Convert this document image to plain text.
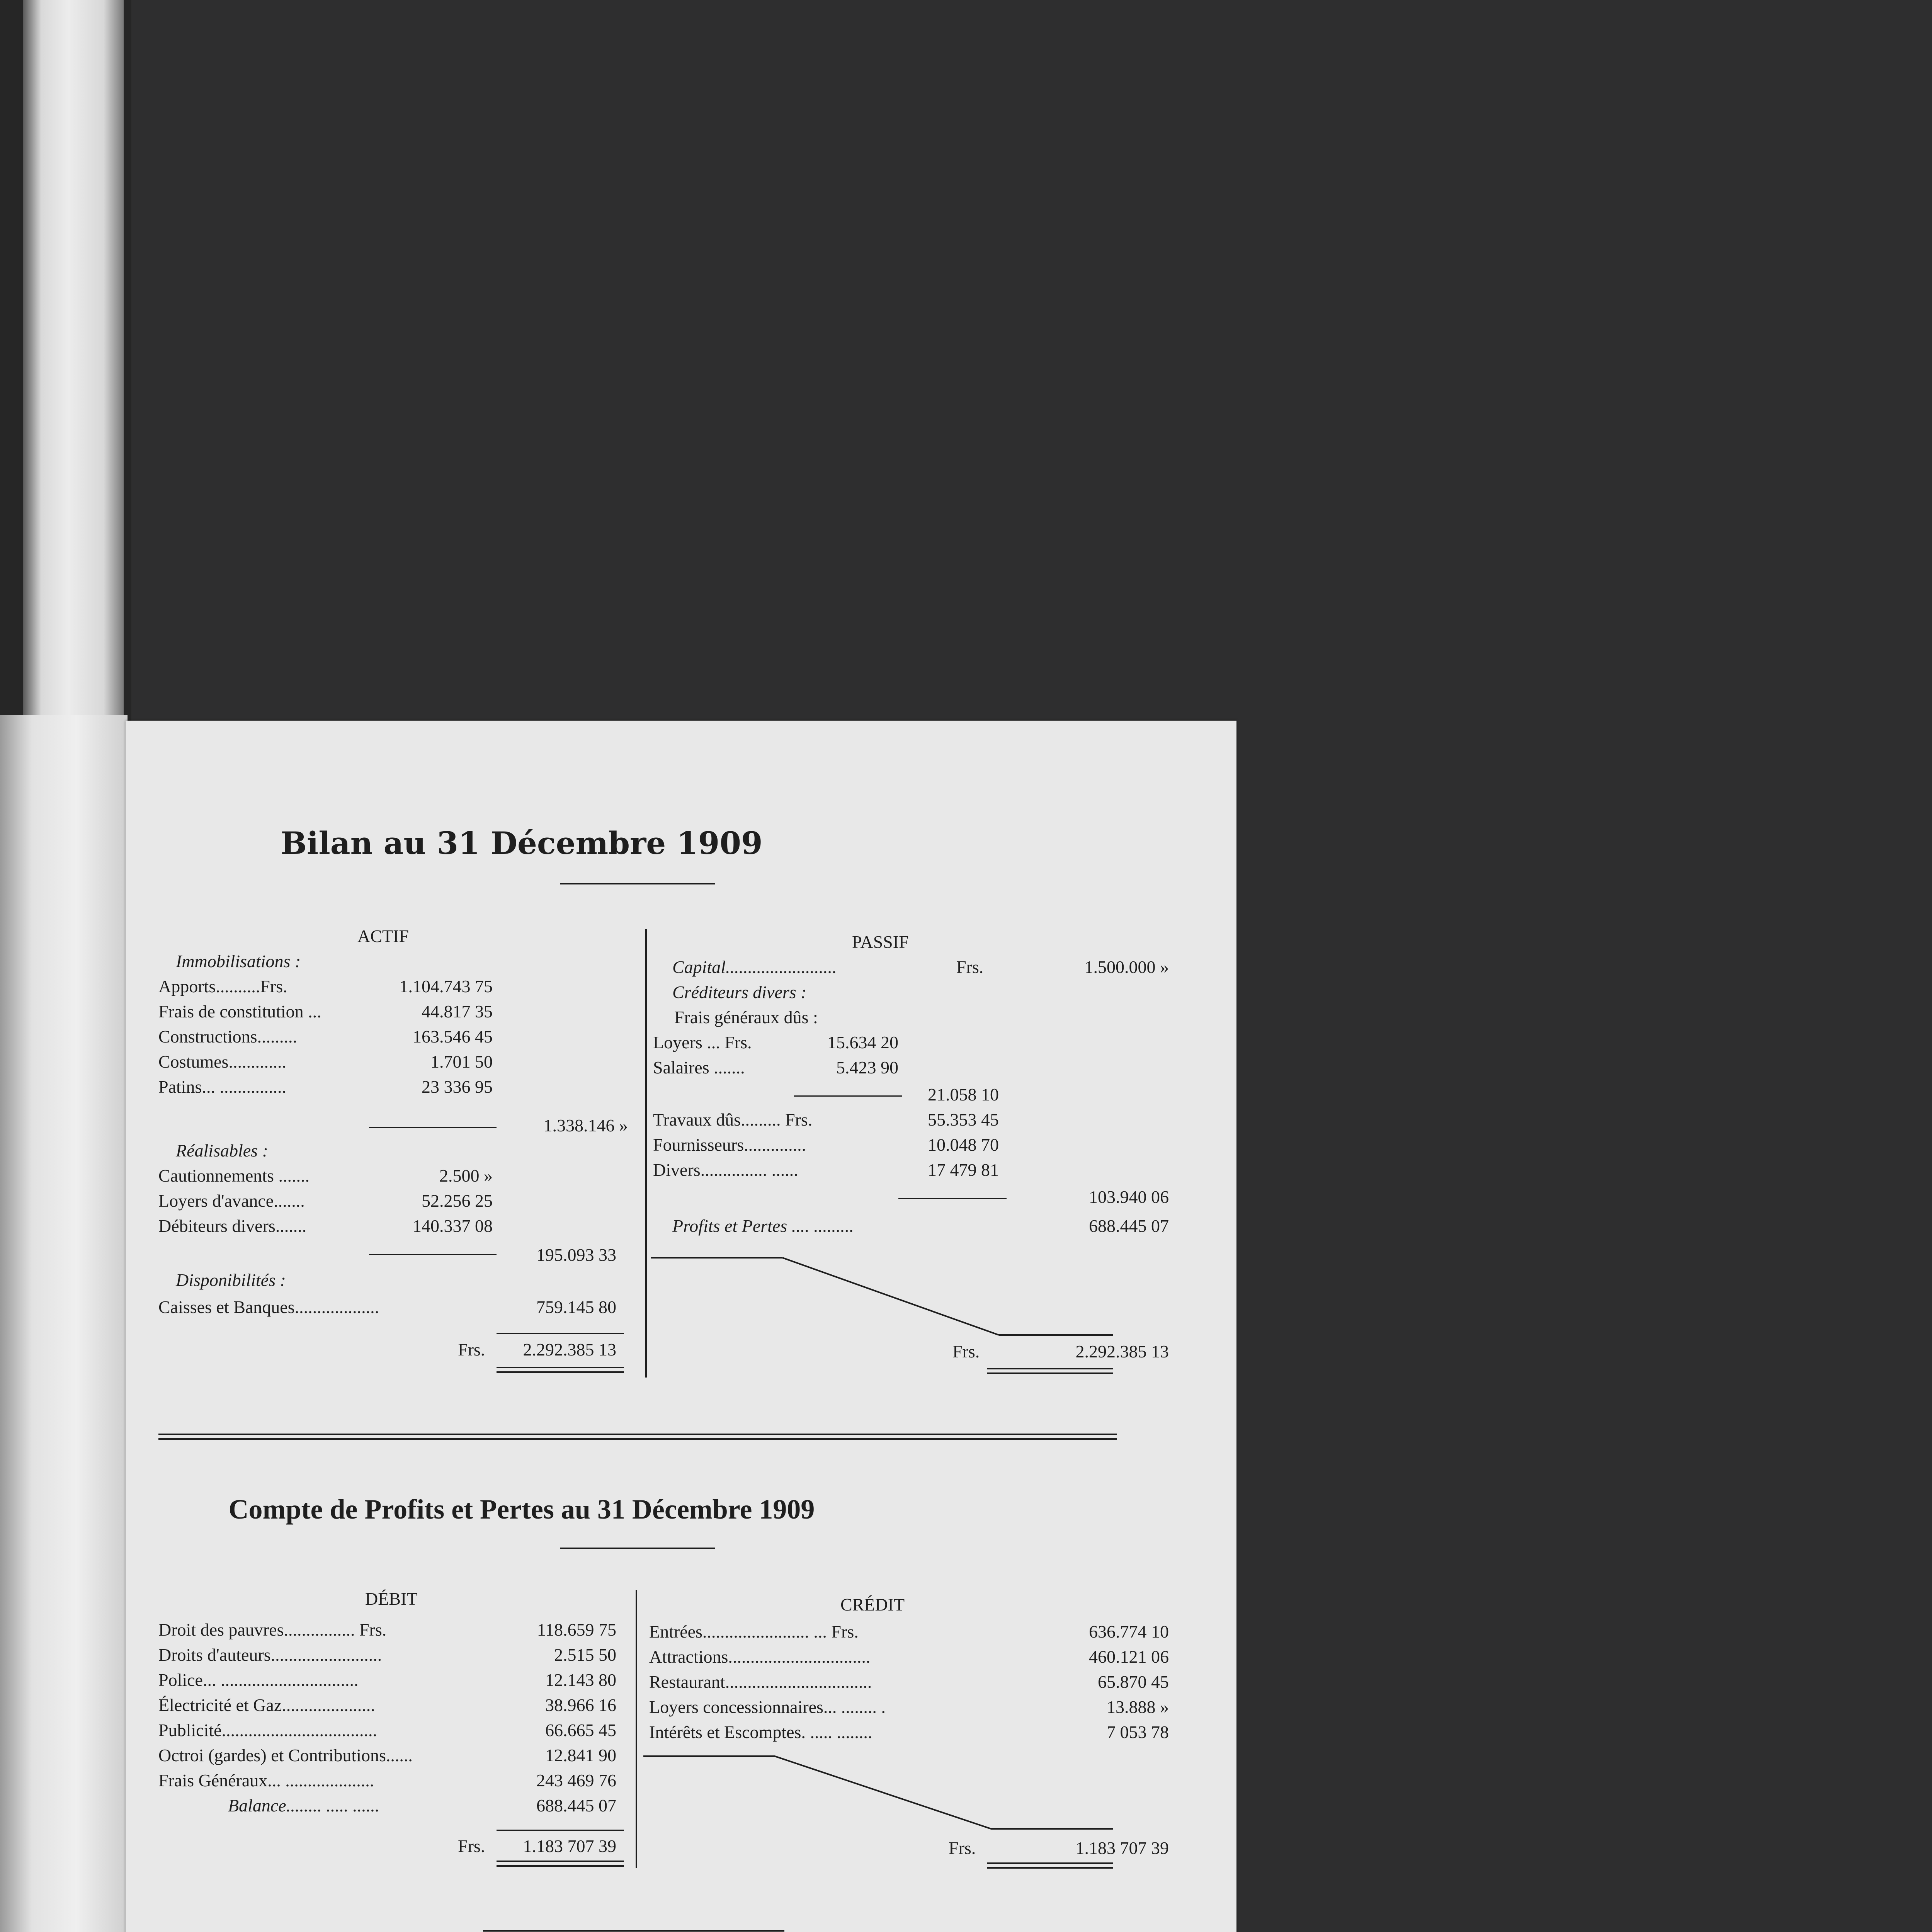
Bilan au 31 Décembre 1909
ACTIF
Immobilisations :
Apports..........Frs.	1.104.743 75
Frais de constitution ...	44.817 35
Constructions.........	163.546 45
Costumes.............	1.701 50
Patins... ...............	23 336 95
1.338.146 »
Réalisables :
Cautionnements .......	2.500 »
Loyers d'avance.......	52.256 25
Débiteurs divers.......	140.337 08
195.093 33
Disponibilités :
Caisses et Banques...................	759.145 80
Frs.	2.292.385 13
PASSIF
Capital.........................	Frs.	1.500.000 »
Créditeurs divers :
Frais généraux dûs :
Loyers ... Frs.	15.634 20
Salaires .......	5.423 90
21.058 10
Travaux dûs......... Frs.	55.353 45
Fournisseurs..............	10.048 70
Divers............... ......	17 479 81
103.940 06
Profits et Pertes .... .........	688.445 07
Frs.	2.292.385 13
Compte de Profits et Pertes au 31 Décembre 1909
DÉBIT	CRÉDIT
Droit des pauvres................ Frs.	118.659 75
Droits d'auteurs.........................	2.515 50
Police... ...............................	12.143 80
Électricité et Gaz.....................	38.966 16
Publicité...................................	66.665 45
Octroi (gardes) et Contributions......	12.841 90
Frais Généraux... ....................	243 469 76
Balance........ ..... ......	688.445 07
Frs.	1.183 707 39
Entrées........................ ... Frs.	636.774 10
Attractions................................	460.121 06
Restaurant.................................	65.870 45
Loyers concessionnaires... ........ .	13.888 »
Intérêts et Escomptes. ..... ........	7 053 78
Frs.	1.183 707 39
